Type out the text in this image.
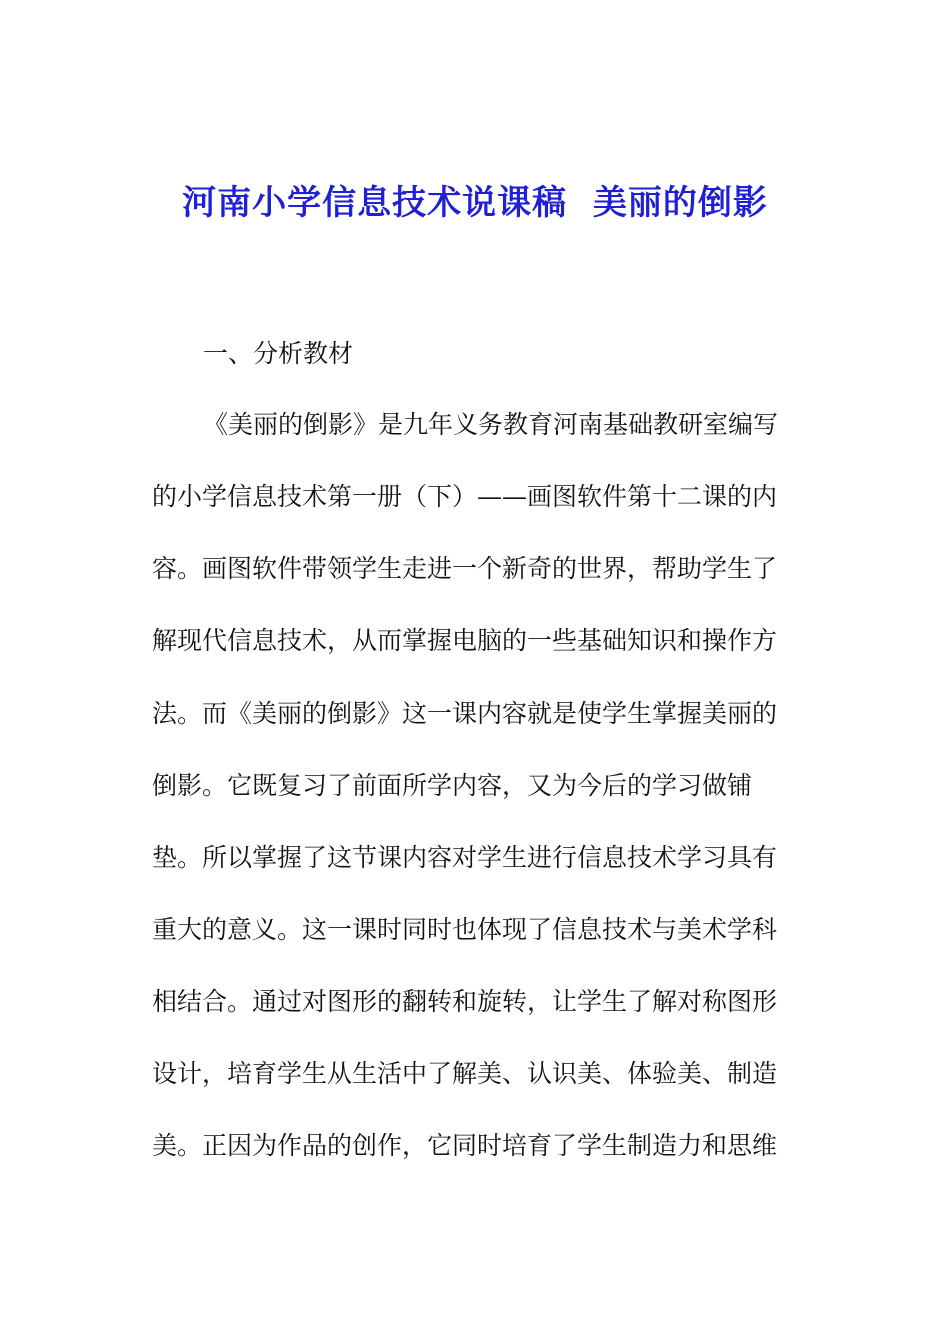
河南小学信息技术说课稿  美丽的倒影
一、分析教材
《美丽的倒影》是九年义务教育河南基础教研室编写
的小学信息技术第一册（下）——画图软件第十二课的内
容。画图软件带领学生走进一个新奇的世界，帮助学生了
解现代信息技术，从而掌握电脑的一些基础知识和操作方
法。而《美丽的倒影》这一课内容就是使学生掌握美丽的
倒影。它既复习了前面所学内容，又为今后的学习做铺
垫。所以掌握了这节课内容对学生进行信息技术学习具有
重大的意义。这一课时同时也体现了信息技术与美术学科
相结合。通过对图形的翻转和旋转，让学生了解对称图形
设计，培育学生从生活中了解美、认识美、体验美、制造
美。正因为作品的创作，它同时培育了学生制造力和思维
